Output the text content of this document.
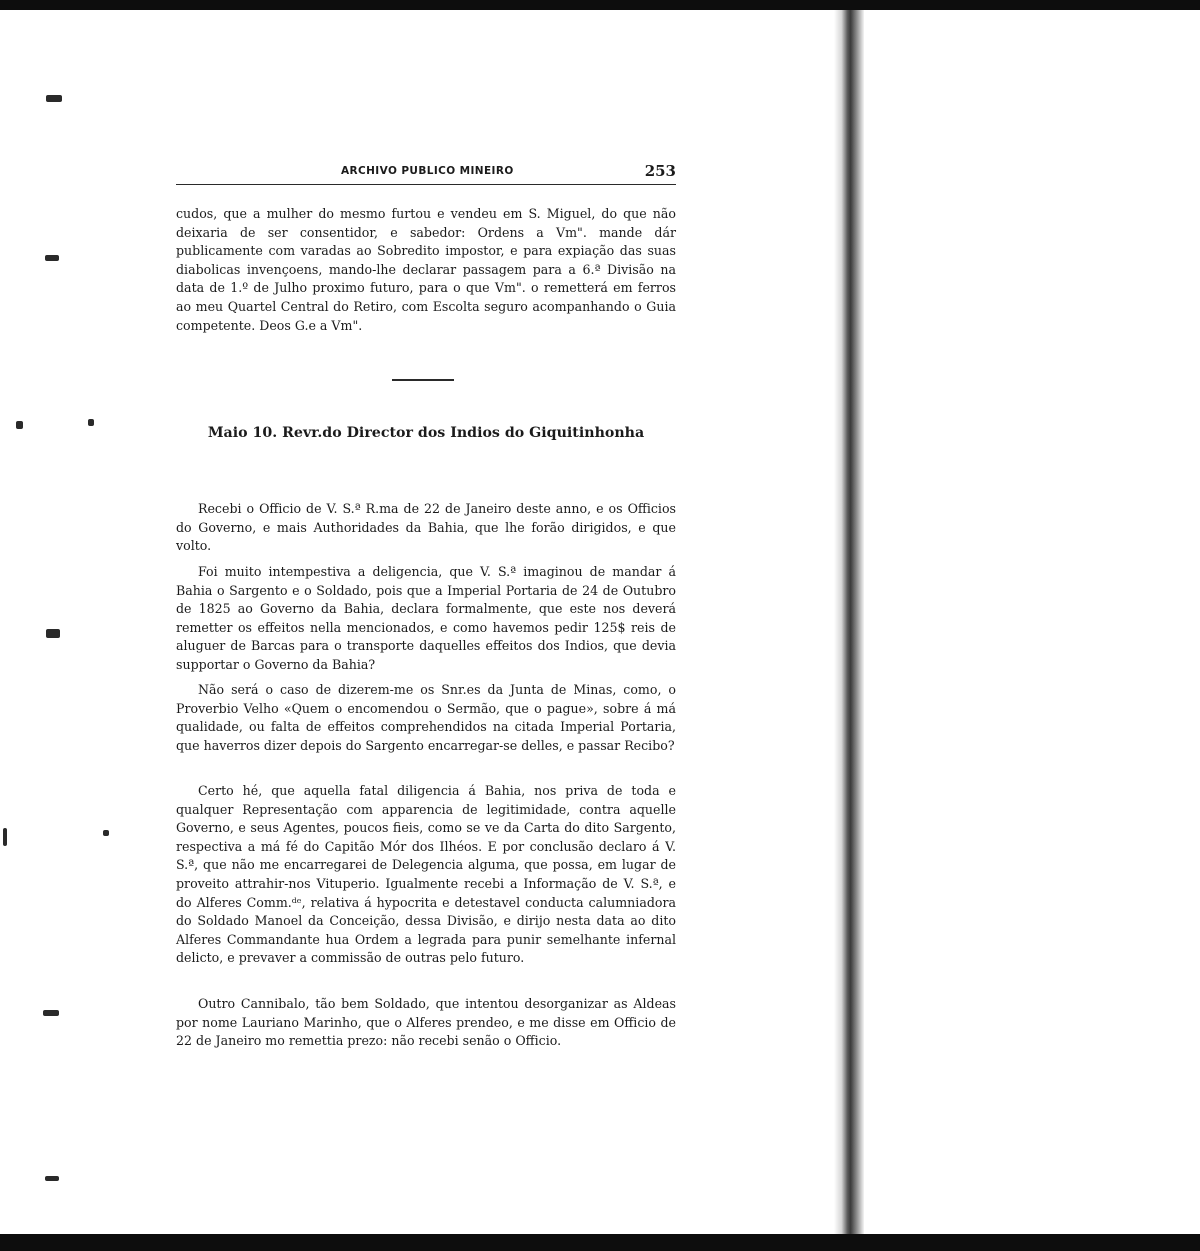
ARCHIVO PUBLICO MINEIRO	253

cudos, que a mulher do mesmo furtou e vendeu em S. Miguel, do que não deixaria de ser consentidor, e sabedor: Ordens a Vm". mande dár publicamente com varadas ao Sobredito impostor, e para expiação das suas diabolicas invençoens, mando-lhe declarar passagem para a 6.ª Divisão na data de 1.º de Julho proximo futuro, para o que Vm". o remetterá em ferros ao meu Quartel Central do Retiro, com Escolta seguro acompanhando o Guia competente. Deos G.e a Vm".

Maio 10. Revr.do Director dos Indios do Giquitinhonha

Recebi o Officio de V. S.ª R.ma de 22 de Janeiro deste anno, e os Officios do Governo, e mais Authoridades da Bahia, que lhe forão dirigidos, e que volto.

Foi muito intempestiva a deligencia, que V. S.ª imaginou de mandar á Bahia o Sargento e o Soldado, pois que a Imperial Portaria de 24 de Outubro de 1825 ao Governo da Bahia, declara formalmente, que este nos deverá remetter os effeitos nella mencionados, e como havemos pedir 125$ reis de aluguer de Barcas para o transporte daquelles effeitos dos Indios, que devia supportar o Governo da Bahia?

Não será o caso de dizerem-me os Snr.es da Junta de Minas, como, o Proverbio Velho «Quem o encomendou o Sermão, que o pague», sobre á má qualidade, ou falta de effeitos comprehendidos na citada Imperial Portaria, que haverros dizer depois do Sargento encarregar-se delles, e passar Recibo?

Certo hé, que aquella fatal diligencia á Bahia, nos priva de toda e qualquer Representação com apparencia de legitimidade, contra aquelle Governo, e seus Agentes, poucos fieis, como se ve da Carta do dito Sargento, respectiva a má fé do Capitão Mór dos Ilhéos. E por conclusão declaro á V. S.ª, que não me encarregarei de Delegencia alguma, que possa, em lugar de proveito attrahir-nos Vituperio. Igualmente recebi a Informação de V. S.ª, e do Alferes Comm.ᵈᵉ, relativa á hypocrita e detestavel conducta calumniadora do Soldado Manoel da Conceição, dessa Divisão, e dirijo nesta data ao dito Alferes Commandante hua Ordem a legrada para punir semelhante infernal delicto, e prevaver a commissão de outras pelo futuro.

Outro Cannibalo, tão bem Soldado, que intentou desorganizar as Aldeas por nome Lauriano Marinho, que o Alferes prendeo, e me disse em Officio de 22 de Janeiro mo remettia prezo: não recebi senão o Officio.
